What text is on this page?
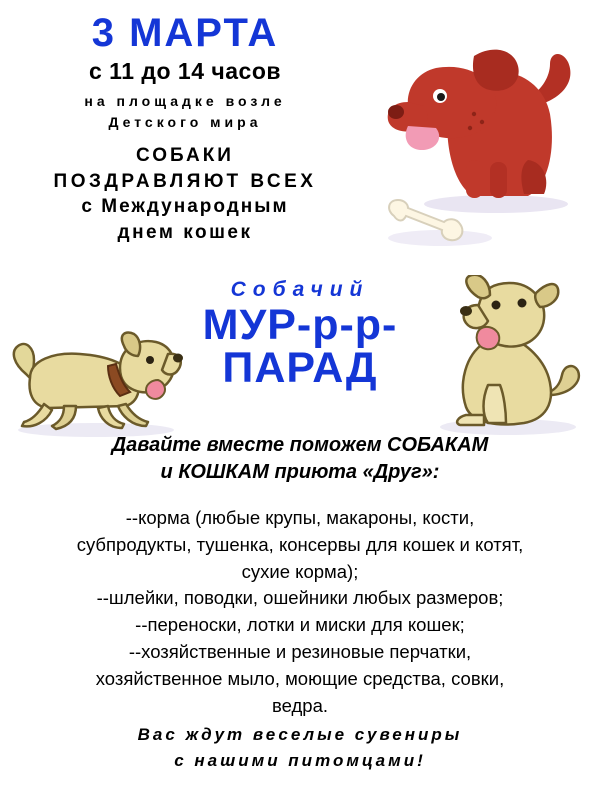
3 МАРТА
с 11 до 14 часов
на площадке возле
Детского мира
СОБАКИ
ПОЗДРАВЛЯЮТ ВСЕХ
с Международным
днем кошек
Собачий
МУР-р-р-
ПАРАД
Давайте вместе поможем СОБАКАМ
и КОШКАМ приюта «Друг»:
--корма (любые крупы, макароны, кости,
субпродукты, тушенка, консервы для кошек и котят,
сухие корма);
--шлейки, поводки, ошейники любых размеров;
--переноски, лотки и миски для кошек;
--хозяйственные и резиновые перчатки,
хозяйственное мыло, моющие средства, совки,
ведра.
Вас ждут веселые сувениры
с нашими питомцами!
